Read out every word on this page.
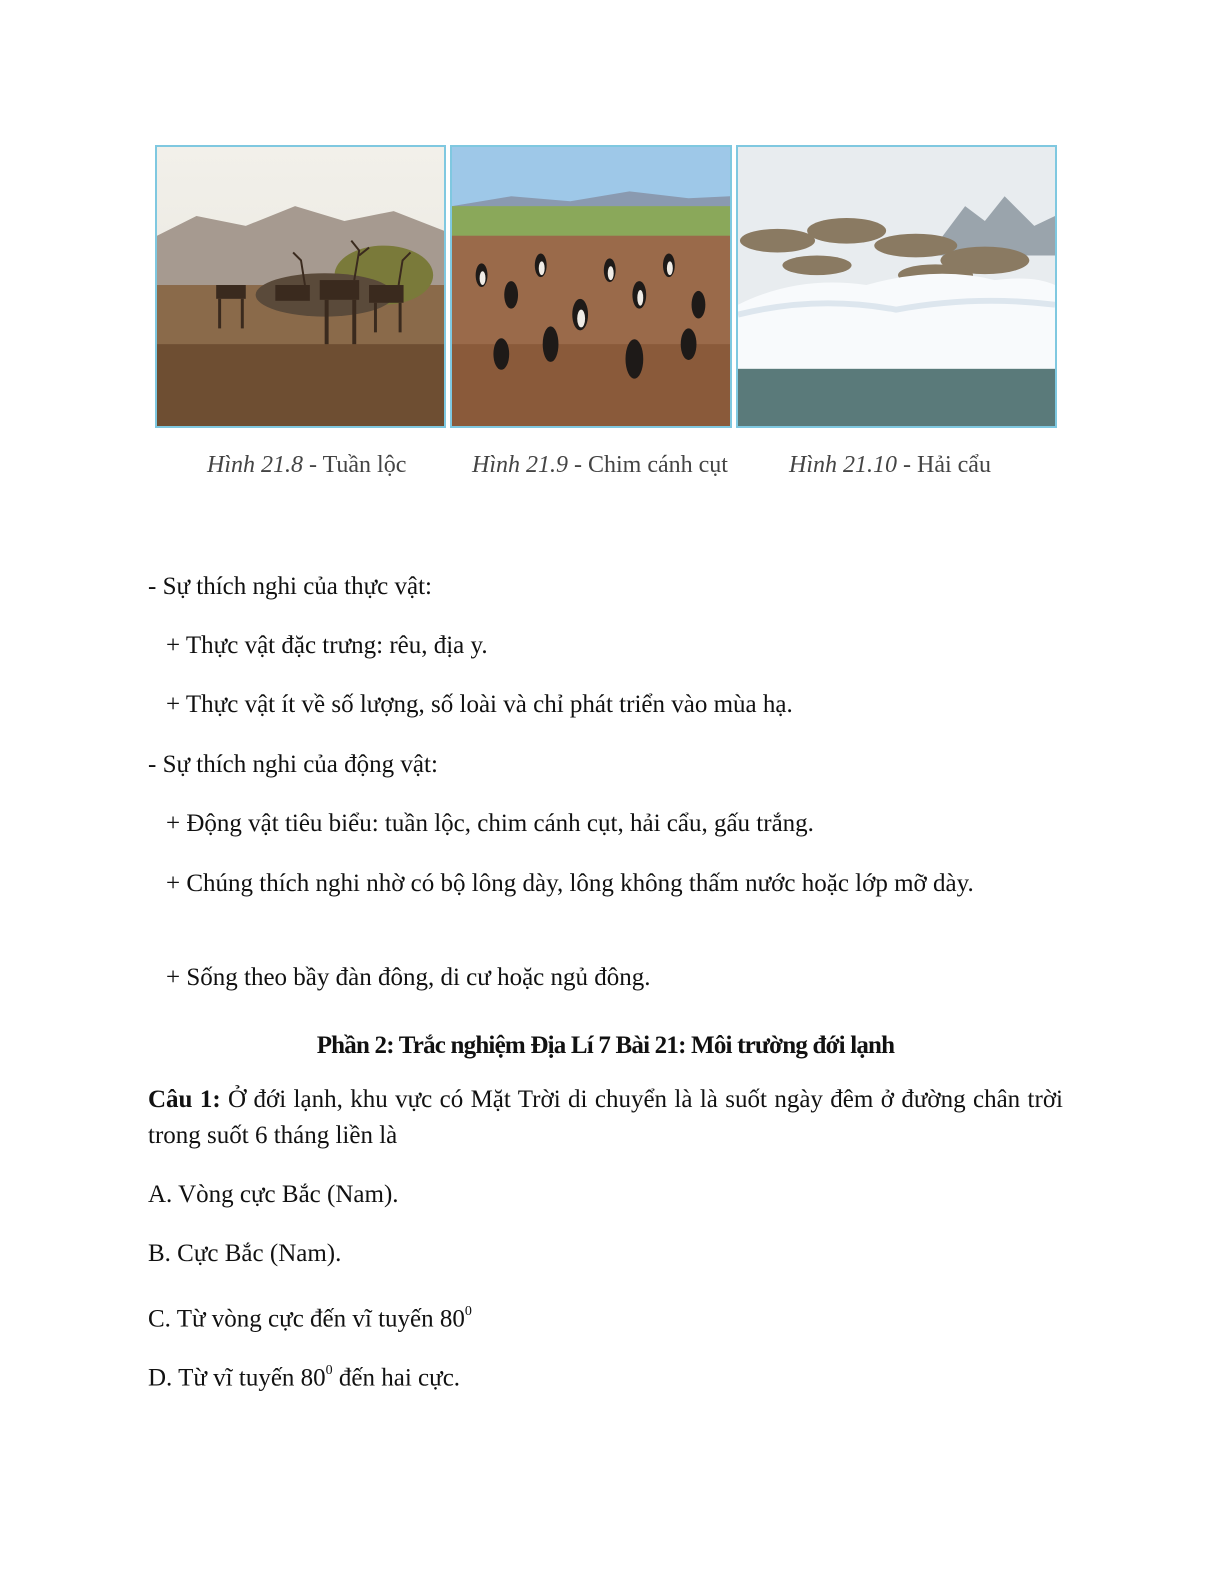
Hình 21.8 - Tuần lộc	Hình 21.9 - Chim cánh cụt	Hình 21.10 - Hải cẩu
- Sự thích nghi của thực vật:
+ Thực vật đặc trưng: rêu, địa y.
+ Thực vật ít về số lượng, số loài và chỉ phát triển vào mùa hạ.
- Sự thích nghi của động vật:
+ Động vật tiêu biểu: tuần lộc, chim cánh cụt, hải cẩu, gấu trắng.
+ Chúng thích nghi nhờ có bộ lông dày, lông không thấm nước hoặc lớp mỡ dày.
+ Sống theo bầy đàn đông, di cư hoặc ngủ đông.
Phần 2: Trắc nghiệm Địa Lí 7 Bài 21: Môi trường đới lạnh
Câu 1: Ở đới lạnh, khu vực có Mặt Trời di chuyển là là suốt ngày đêm ở đường chân trời trong suốt 6 tháng liền là
A. Vòng cực Bắc (Nam).
B. Cực Bắc (Nam).
C. Từ vòng cực đến vĩ tuyến $80^0$
D. Từ vĩ tuyến $80^0$ đến hai cực.
